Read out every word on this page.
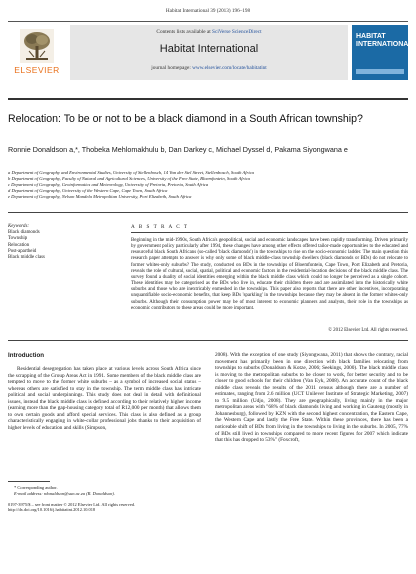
Habitat International 39 (2013) 196–198
ELSEVIER
Contents lists available at SciVerse ScienceDirect
Habitat International
journal homepage: www.elsevier.com/locate/habitatint
HABITAT INTERNATIONAL
Relocation: To be or not to be a black diamond in a South African township?
Ronnie Donaldson a,*, Thobeka Mehlomakhulu b, Dan Darkey c, Michael Dyssel d, Pakama Siyongwana e

a Department of Geography and Environmental Studies, University of Stellenbosch, 14 Van der Stel Street, Stellenbosch, South Africa

b Department of Geography, Faculty of Natural and Agricultural Sciences, University of the Free State, Bloemfontein, South Africa

c Department of Geography, Geoinformatics and Meteorology, University of Pretoria, Pretoria, South Africa

d Department of Geography, University of the Western Cape, Cape Town, South Africa

e Department of Geography, Nelson Mandela Metropolitan University, Port Elizabeth, South Africa

Keywords:

Black diamonds

Township

Relocation

Post-apartheid

Black middle class

A B S T R A C T
Beginning in the mid-1990s, South Africa's geopolitical, social and economic landscapes have been rapidly transforming. Driven primarily by government policy particularly after 1994, these changes have among other effects offered tailor-made opportunities to the educated and resourceful black South Africans (so-called 'black diamonds') in the townships to rise on the socio-economic ladder. The main question this research paper attempts to answer is why only some of black middle-class township dwellers (black diamonds or BDs) do not relocate to former whites-only suburbs? The study, conducted on BDs in the townships of Bloemfontein, Cape Town, Port Elizabeth and Pretoria, reveals the role of cultural, social, spatial, political and economic factors in the residential-location decisions of the black middle class. The survey found a duality of social identities emerging within the black middle class which could no longer be perceived as a single cohort. These identities may be categorised as the BDs who live in, educate their children there and are assimilated into the historically white suburbs and those who are inextricably enmeshed in the townships. This paper also reports that there are other incentives, incorporating unquantifiable socio-economic benefits, that keep BDs 'sparkling' in the townships because they may be absent in the former whites-only suburbs. Although their consumption power may be of most interest to economic planners and analysts, their role in the townships as economic contributors to these areas could be more important.
© 2012 Elsevier Ltd. All rights reserved.
Introduction

Residential desegregation has taken place at various levels across South Africa since the scrapping of the Group Areas Act in 1991. Some members of the black middle class are tempted to move to the former white suburbs – as a symbol of increased social status – whereas others are satisfied to stay in the township. The term middle class has intricate political and social underpinnings. This study does not deal in detail with definitional issues, instead the black middle class is defined according to their relatively higher income (earning more than the gap-housing category total of R12,000 per month) that allows them to own certain goods and afford special services. This class is also defined as a group characteristically engaging in white-collar professional jobs thanks to their acquisition of higher levels of education and skills (Simpson,

2008). With the exception of one study (Siyongwana, 2011) that shows the contrary, racial movement has primarily been in one direction with black families relocating from townships to suburbs (Donaldson & Kotze, 2006; Seekings, 2000). The black middle class is moving to the metropolitan suburbs to be closer to work, for better security and to be closer to good schools for their children (Van Eyk, 2008). An accurate count of the black middle class reveals the results of the 2011 census although there are a number of estimates, ranging from 2.6 million (UCT Unilever Institute of Strategic Marketing, 2007) to 9.5 million (Udjo, 2008). They are geographically, living mainly in the major metropolitan areas with "68% of black diamonds living and working in Gauteng (mostly in Johannesburg), followed by KZN with the second highest concentration, the Eastern Cape, the Western Cape and lastly the Free State. Within these provinces, there has been a noticeable shift of BDs from living in the townships to living in the suburbs. In 2005, 77% of BDs still lived in townships compared to more recent figures for 2007 which indicate that this has dropped to 53%" (Foxcroft,

* Corresponding author.

E-mail address: rdonaldson@sun.ac.za (R. Donaldson).

0197-3975/$ – see front matter © 2012 Elsevier Ltd. All rights reserved.

http://dx.doi.org/10.1016/j.habitatint.2012.10.018
